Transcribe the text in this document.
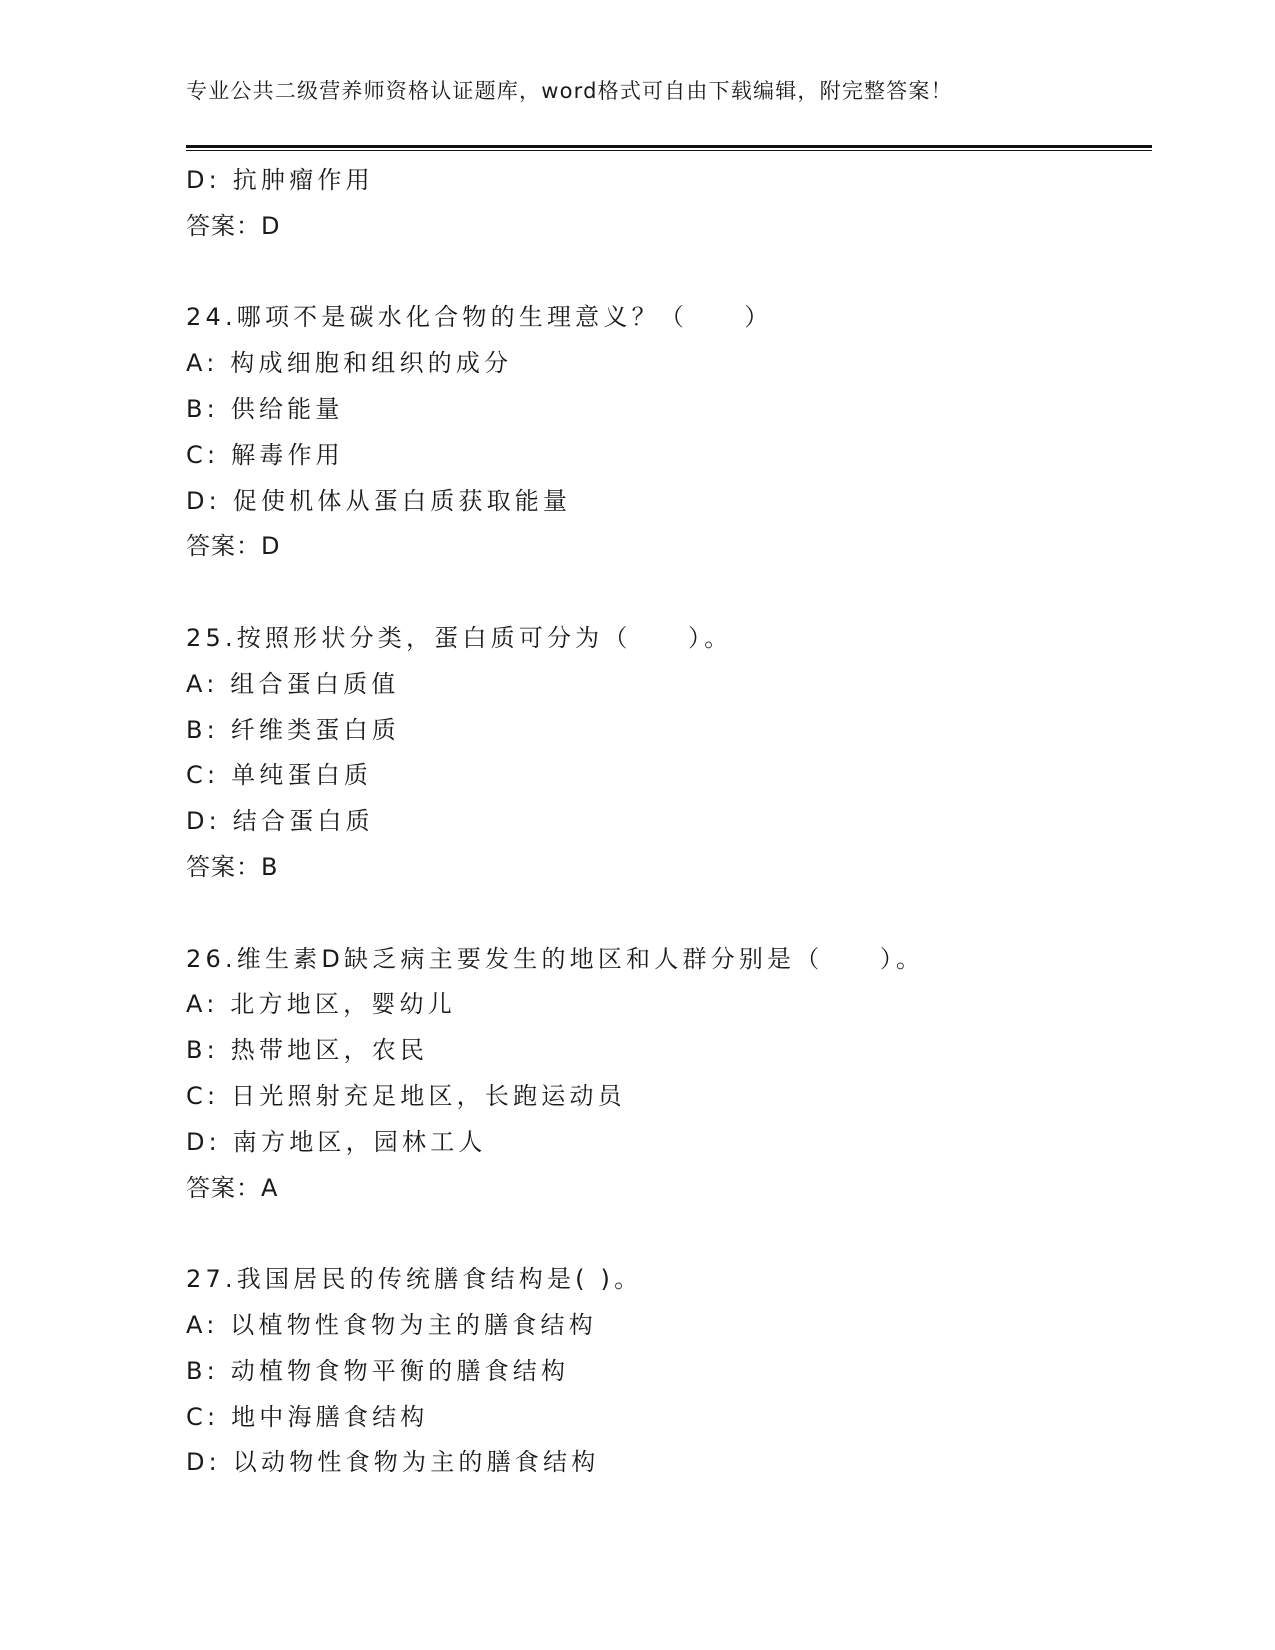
专业公共二级营养师资格认证题库，word格式可自由下载编辑，附完整答案！
D: 抗肿瘤作用
答案：D
24.哪项不是碳水化合物的生理意义？（　　）
A: 构成细胞和组织的成分
B: 供给能量
C: 解毒作用
D: 促使机体从蛋白质获取能量
答案：D
25.按照形状分类，蛋白质可分为（　　）。
A: 组合蛋白质值
B: 纤维类蛋白质
C: 单纯蛋白质
D: 结合蛋白质
答案：B
26.维生素D缺乏病主要发生的地区和人群分别是（　　）。
A: 北方地区，婴幼儿
B: 热带地区，农民
C: 日光照射充足地区，长跑运动员
D: 南方地区，园林工人
答案：A
27.我国居民的传统膳食结构是( )。
A: 以植物性食物为主的膳食结构
B: 动植物食物平衡的膳食结构
C: 地中海膳食结构
D: 以动物性食物为主的膳食结构
